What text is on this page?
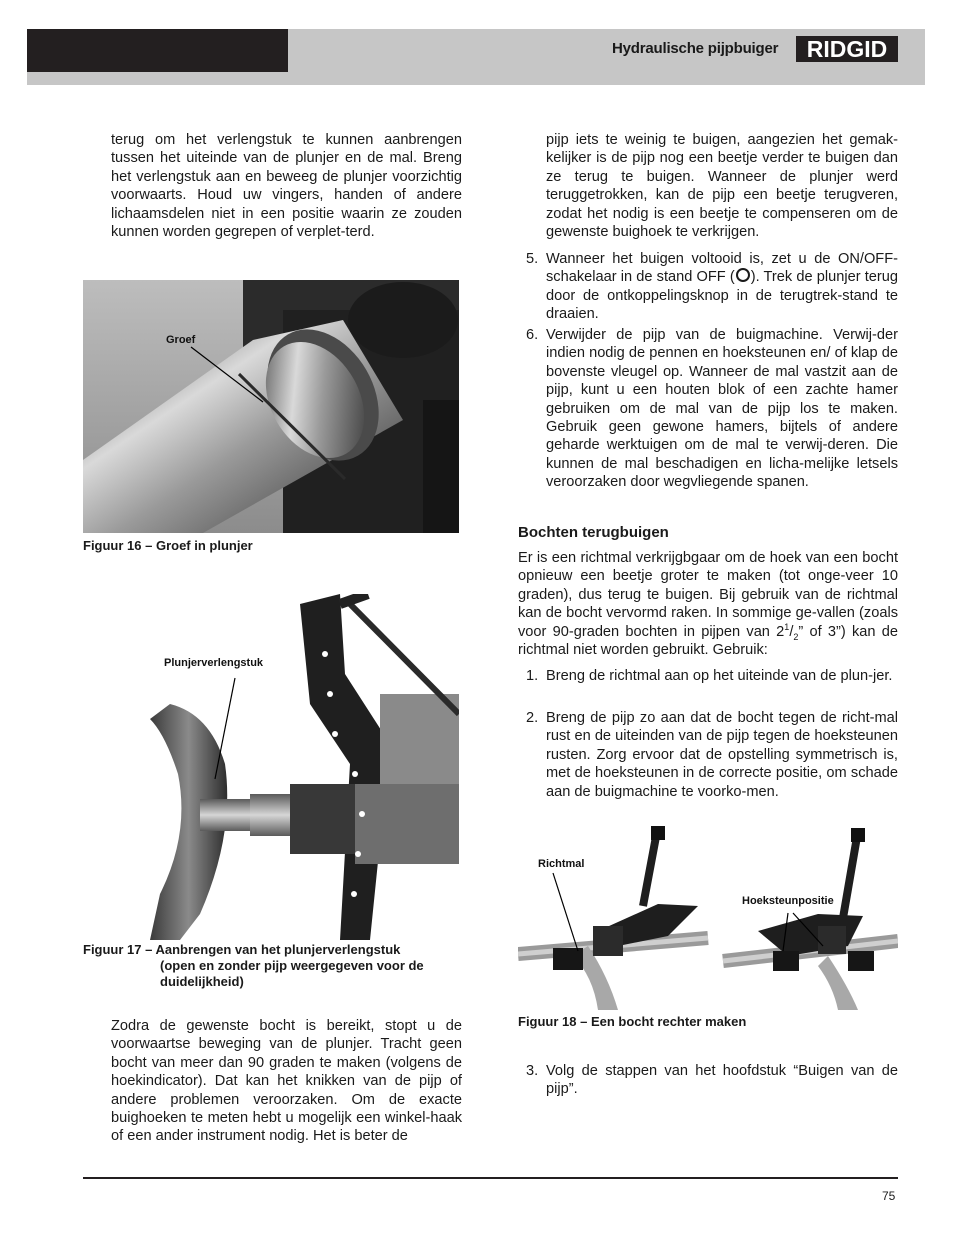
Hydraulische pijpbuiger RIDGID

terug om het verlengstuk te kunnen aanbrengen tussen het uiteinde van de plunjer en de mal. Breng het verlengstuk aan en beweeg de plunjer voorzichtig voorwaarts. Houd uw vingers, handen of andere lichaamsdelen niet in een positie waarin ze zouden kunnen worden gegrepen of verplet-terd.

Groef

Figuur 16 – Groef in plunjer

Plunjerverlengstuk

Figuur 17 – Aanbrengen van het plunjerverlengstuk
(open en zonder pijp weergegeven voor de
duidelijkheid)

Zodra de gewenste bocht is bereikt, stopt u de voorwaartse beweging van de plunjer. Tracht geen bocht van meer dan 90 graden te maken (volgens de hoekindicator). Dat kan het knikken van de pijp of andere problemen veroorzaken. Om de exacte buighoeken te meten hebt u mogelijk een winkel-haak of een ander instrument nodig. Het is beter de

pijp iets te weinig te buigen, aangezien het gemak-kelijker is de pijp nog een beetje verder te buigen dan ze terug te buigen. Wanneer de plunjer werd teruggetrokken, kan de pijp een beetje terugveren, zodat het nodig is een beetje te compenseren om de gewenste buighoek te verkrijgen.

5. Wanneer het buigen voltooid is, zet u de ON/OFF-schakelaar in de stand OFF ( ). Trek de plunjer terug door de ontkoppelingsknop in de terugtrek-stand te draaien.

6. Verwijder de pijp van de buigmachine. Verwij-der indien nodig de pennen en hoeksteunen en/ of klap de bovenste vleugel op. Wanneer de mal vastzit aan de pijp, kunt u een houten blok of een zachte hamer gebruiken om de mal van de pijp los te maken. Gebruik geen gewone hamers, bijtels of andere geharde werktuigen om de mal te verwij-deren. Die kunnen de mal beschadigen en licha-melijke letsels veroorzaken door wegvliegende spanen.

Bochten terugbuigen

Er is een richtmal verkrijgbgaar om de hoek van een bocht opnieuw een beetje groter te maken (tot onge-veer 10 graden), dus terug te buigen. Bij gebruik van de richtmal kan de bocht vervormd raken. In sommige ge-vallen (zoals voor 90-graden bochten in pijpen van $2^1/_2$” of 3”) kan de richtmal niet worden gebruikt. Gebruik:

1. Breng de richtmal aan op het uiteinde van de plun-jer.

2. Breng de pijp zo aan dat de bocht tegen de richt-mal rust en de uiteinden van de pijp tegen de hoeksteunen rusten. Zorg ervoor dat de opstelling symmetrisch is, met de hoeksteunen in de correcte positie, om schade aan de buigmachine te voorko-men.

Richtmal
Hoeksteunpositie

Figuur 18 – Een bocht rechter maken

3. Volg de stappen van het hoofdstuk “Buigen van de pijp”.

75
